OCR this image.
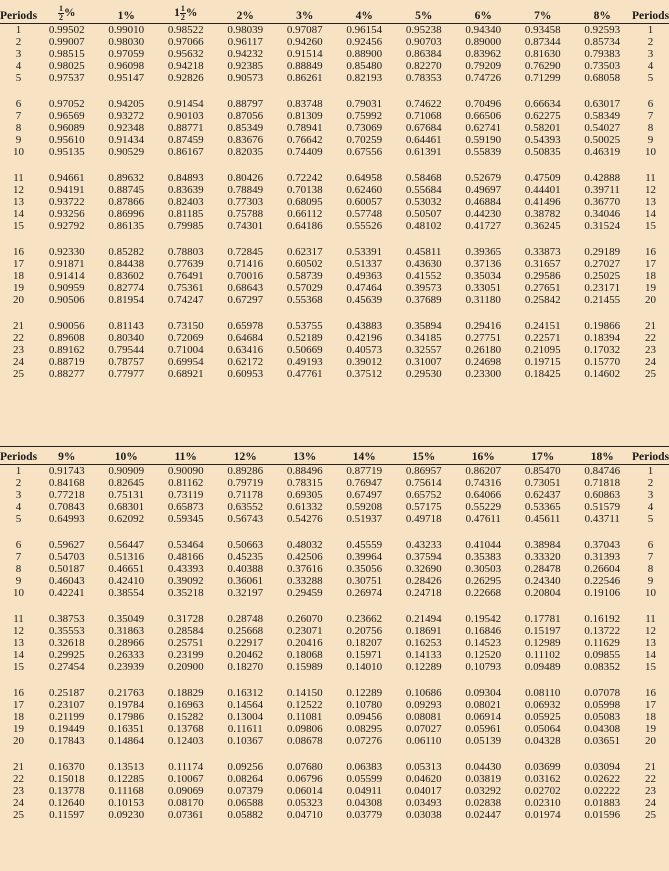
Periods	$\frac{1}{2}$ %	1%	$1 \frac{1}{2}$ %	2%	3%	4%	5%	6%	7%	8%	Periods
1	0.99502	0.99010	0.98522	0.98039	0.97087	0.96154	0.95238	0.94340	0.93458	0.92593	1
2	0.99007	0.98030	0.97066	0.96117	0.94260	0.92456	0.90703	0.89000	0.87344	0.85734	2
3	0.98515	0.97059	0.95632	0.94232	0.91514	0.88900	0.86384	0.83962	0.81630	0.79383	3
4	0.98025	0.96098	0.94218	0.92385	0.88849	0.85480	0.82270	0.79209	0.76290	0.73503	4
5	0.97537	0.95147	0.92826	0.90573	0.86261	0.82193	0.78353	0.74726	0.71299	0.68058	5

6	0.97052	0.94205	0.91454	0.88797	0.83748	0.79031	0.74622	0.70496	0.66634	0.63017	6
7	0.96569	0.93272	0.90103	0.87056	0.81309	0.75992	0.71068	0.66506	0.62275	0.58349	7
8	0.96089	0.92348	0.88771	0.85349	0.78941	0.73069	0.67684	0.62741	0.58201	0.54027	8
9	0.95610	0.91434	0.87459	0.83676	0.76642	0.70259	0.64461	0.59190	0.54393	0.50025	9
10	0.95135	0.90529	0.86167	0.82035	0.74409	0.67556	0.61391	0.55839	0.50835	0.46319	10

11	0.94661	0.89632	0.84893	0.80426	0.72242	0.64958	0.58468	0.52679	0.47509	0.42888	11
12	0.94191	0.88745	0.83639	0.78849	0.70138	0.62460	0.55684	0.49697	0.44401	0.39711	12
13	0.93722	0.87866	0.82403	0.77303	0.68095	0.60057	0.53032	0.46884	0.41496	0.36770	13
14	0.93256	0.86996	0.81185	0.75788	0.66112	0.57748	0.50507	0.44230	0.38782	0.34046	14
15	0.92792	0.86135	0.79985	0.74301	0.64186	0.55526	0.48102	0.41727	0.36245	0.31524	15

16	0.92330	0.85282	0.78803	0.72845	0.62317	0.53391	0.45811	0.39365	0.33873	0.29189	16
17	0.91871	0.84438	0.77639	0.71416	0.60502	0.51337	0.43630	0.37136	0.31657	0.27027	17
18	0.91414	0.83602	0.76491	0.70016	0.58739	0.49363	0.41552	0.35034	0.29586	0.25025	18
19	0.90959	0.82774	0.75361	0.68643	0.57029	0.47464	0.39573	0.33051	0.27651	0.23171	19
20	0.90506	0.81954	0.74247	0.67297	0.55368	0.45639	0.37689	0.31180	0.25842	0.21455	20

21	0.90056	0.81143	0.73150	0.65978	0.53755	0.43883	0.35894	0.29416	0.24151	0.19866	21
22	0.89608	0.80340	0.72069	0.64684	0.52189	0.42196	0.34185	0.27751	0.22571	0.18394	22
23	0.89162	0.79544	0.71004	0.63416	0.50669	0.40573	0.32557	0.26180	0.21095	0.17032	23
24	0.88719	0.78757	0.69954	0.62172	0.49193	0.39012	0.31007	0.24698	0.19715	0.15770	24
25	0.88277	0.77977	0.68921	0.60953	0.47761	0.37512	0.29530	0.23300	0.18425	0.14602	25
Periods	9%	10%	11%	12%	13%	14%	15%	16%	17%	18%	Periods
1	0.91743	0.90909	0.90090	0.89286	0.88496	0.87719	0.86957	0.86207	0.85470	0.84746	1
2	0.84168	0.82645	0.81162	0.79719	0.78315	0.76947	0.75614	0.74316	0.73051	0.71818	2
3	0.77218	0.75131	0.73119	0.71178	0.69305	0.67497	0.65752	0.64066	0.62437	0.60863	3
4	0.70843	0.68301	0.65873	0.63552	0.61332	0.59208	0.57175	0.55229	0.53365	0.51579	4
5	0.64993	0.62092	0.59345	0.56743	0.54276	0.51937	0.49718	0.47611	0.45611	0.43711	5

6	0.59627	0.56447	0.53464	0.50663	0.48032	0.45559	0.43233	0.41044	0.38984	0.37043	6
7	0.54703	0.51316	0.48166	0.45235	0.42506	0.39964	0.37594	0.35383	0.33320	0.31393	7
8	0.50187	0.46651	0.43393	0.40388	0.37616	0.35056	0.32690	0.30503	0.28478	0.26604	8
9	0.46043	0.42410	0.39092	0.36061	0.33288	0.30751	0.28426	0.26295	0.24340	0.22546	9
10	0.42241	0.38554	0.35218	0.32197	0.29459	0.26974	0.24718	0.22668	0.20804	0.19106	10

11	0.38753	0.35049	0.31728	0.28748	0.26070	0.23662	0.21494	0.19542	0.17781	0.16192	11
12	0.35553	0.31863	0.28584	0.25668	0.23071	0.20756	0.18691	0.16846	0.15197	0.13722	12
13	0.32618	0.28966	0.25751	0.22917	0.20416	0.18207	0.16253	0.14523	0.12989	0.11629	13
14	0.29925	0.26333	0.23199	0.20462	0.18068	0.15971	0.14133	0.12520	0.11102	0.09855	14
15	0.27454	0.23939	0.20900	0.18270	0.15989	0.14010	0.12289	0.10793	0.09489	0.08352	15

16	0.25187	0.21763	0.18829	0.16312	0.14150	0.12289	0.10686	0.09304	0.08110	0.07078	16
17	0.23107	0.19784	0.16963	0.14564	0.12522	0.10780	0.09293	0.08021	0.06932	0.05998	17
18	0.21199	0.17986	0.15282	0.13004	0.11081	0.09456	0.08081	0.06914	0.05925	0.05083	18
19	0.19449	0.16351	0.13768	0.11611	0.09806	0.08295	0.07027	0.05961	0.05064	0.04308	19
20	0.17843	0.14864	0.12403	0.10367	0.08678	0.07276	0.06110	0.05139	0.04328	0.03651	20

21	0.16370	0.13513	0.11174	0.09256	0.07680	0.06383	0.05313	0.04430	0.03699	0.03094	21
22	0.15018	0.12285	0.10067	0.08264	0.06796	0.05599	0.04620	0.03819	0.03162	0.02622	22
23	0.13778	0.11168	0.09069	0.07379	0.06014	0.04911	0.04017	0.03292	0.02702	0.02222	23
24	0.12640	0.10153	0.08170	0.06588	0.05323	0.04308	0.03493	0.02838	0.02310	0.01883	24
25	0.11597	0.09230	0.07361	0.05882	0.04710	0.03779	0.03038	0.02447	0.01974	0.01596	25
